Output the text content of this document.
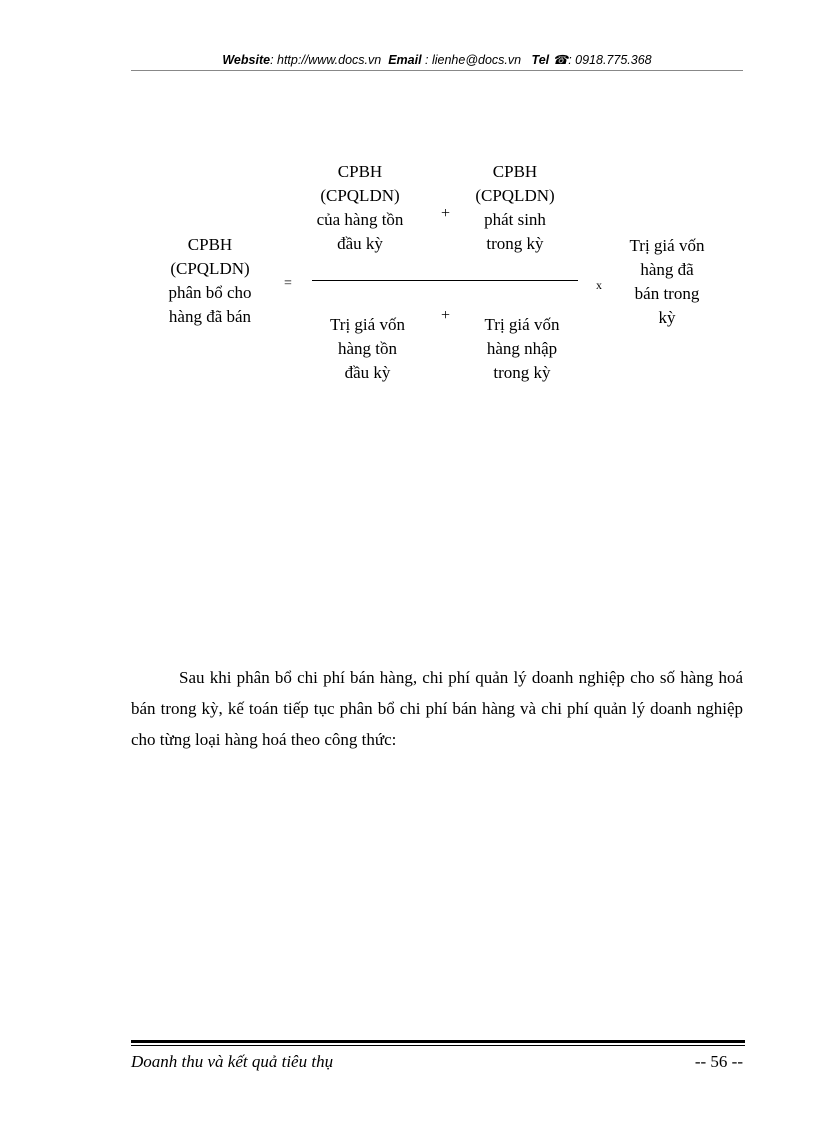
Website: http://www.docs.vn Email : lienhe@docs.vn Tel ☎: 0918.775.368
CPBH
(CPQLDN)
phân bổ cho
hàng đã bán
=
CPBH
(CPQLDN)
của hàng tồn
đầu kỳ
+
CPBH
(CPQLDN)
phát sinh
trong kỳ
Trị giá vốn
hàng tồn
đầu kỳ
+	Trị giá vốn
hàng nhập
trong kỳ
x
Trị giá vốn
hàng đã
bán trong
kỳ
Sau khi phân bổ chi phí bán hàng, chi phí quản lý doanh nghiệp cho số hàng hoá bán trong kỳ, kế toán tiếp tục phân bổ chi phí bán hàng và chi phí quản lý doanh nghiệp cho từng loại hàng hoá theo công thức:
Doanh thu và kết quả tiêu thụ	-- 56 --
